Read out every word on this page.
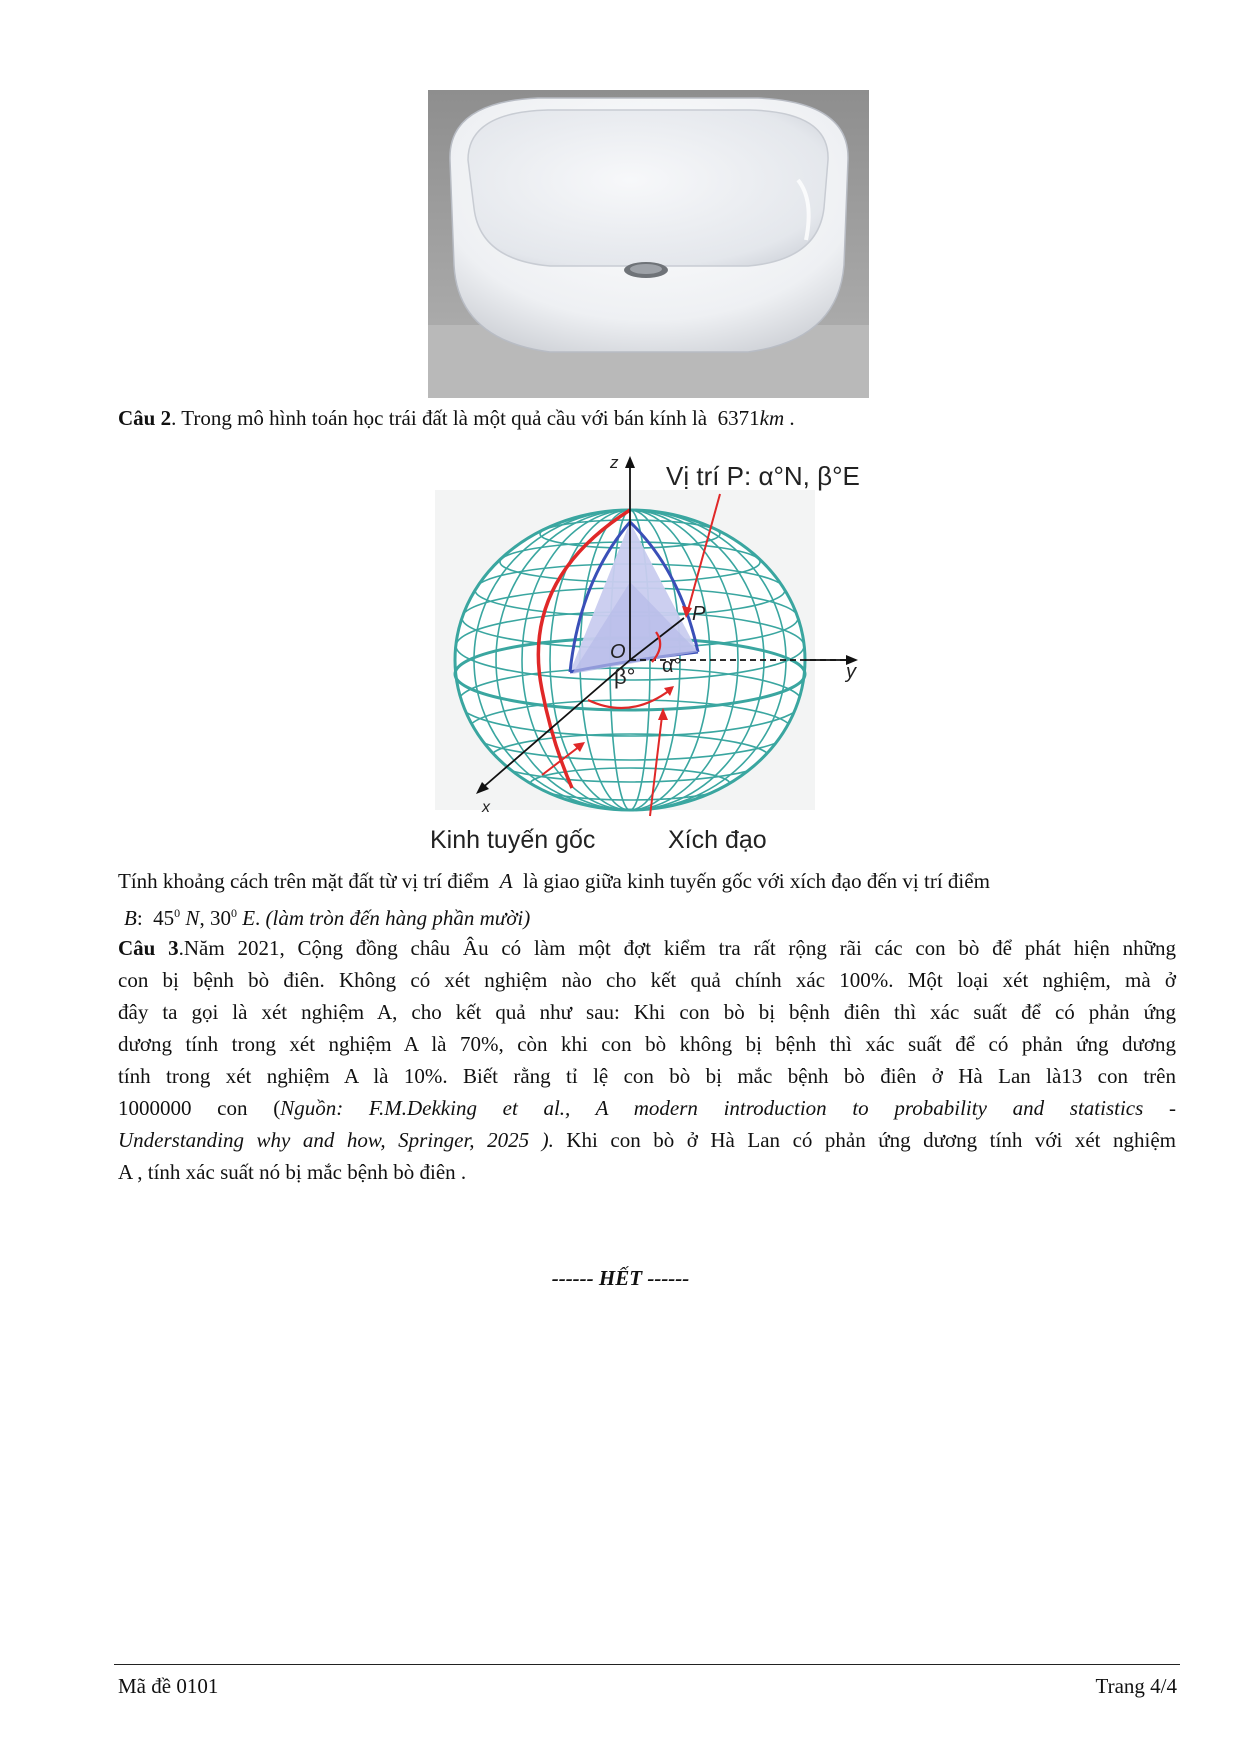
Câu 2. Trong mô hình toán học trái đất là một quả cầu với bán kính là 6371km .
z
y
x
O
P
Vị trí P: α°N, β°E
β° α°
Kinh tuyến gốc	Xích đạo
Tính khoảng cách trên mặt đất từ vị trí điểm A là giao giữa kinh tuyến gốc với xích đạo đến vị trí điểm
B: $45^0$ N, $30^0$ E. (làm tròn đến hàng phần mười)
Câu 3.Năm 2021, Cộng đồng châu Âu có làm một đợt kiểm tra rất rộng rãi các con bò để phát hiện những
con bị bệnh bò điên. Không có xét nghiệm nào cho kết quả chính xác 100%. Một loại xét nghiệm, mà ở
đây ta gọi là xét nghiệm A, cho kết quả như sau: Khi con bò bị bệnh điên thì xác suất để có phản ứng
dương tính trong xét nghiệm A là 70%, còn khi con bò không bị bệnh thì xác suất để có phản ứng dương
tính trong xét nghiệm A là 10%. Biết rằng tỉ lệ con bò bị mắc bệnh bò điên ở Hà Lan là13 con trên
1000000 con (Nguồn: F.M.Dekking et al., A modern introduction to probability and statistics -
Understanding why and how, Springer, 2025 ). Khi con bò ở Hà Lan có phản ứng dương tính với xét nghiệm
A , tính xác suất nó bị mắc bệnh bò điên .
------ HẾT ------
Mã đề 0101	Trang 4/4
